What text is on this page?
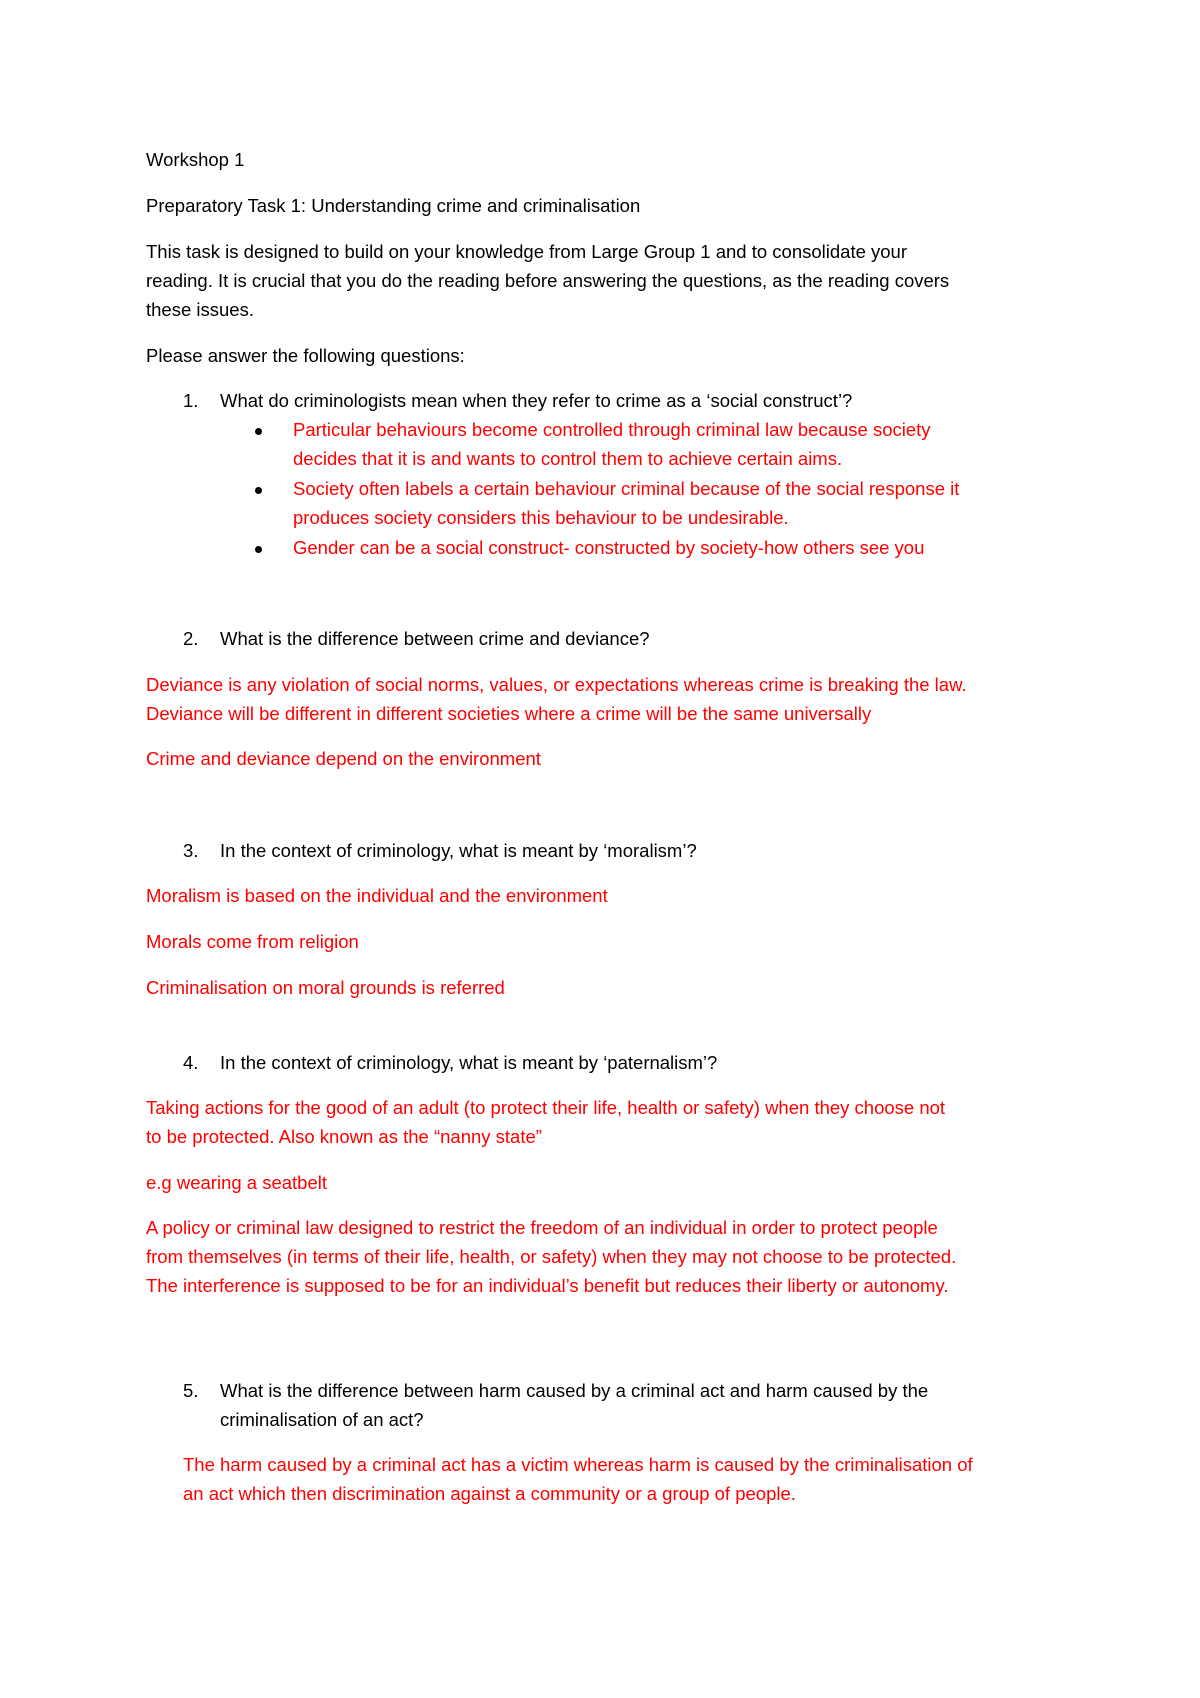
Workshop 1
Preparatory Task 1: Understanding crime and criminalisation
This task is designed to build on your knowledge from Large Group 1 and to consolidate your
reading. It is crucial that you do the reading before answering the questions, as the reading covers
these issues.
Please answer the following questions:
1. What do criminologists mean when they refer to crime as a ‘social construct’?
Particular behaviours become controlled through criminal law because society
decides that it is and wants to control them to achieve certain aims.
Society often labels a certain behaviour criminal because of the social response it
produces society considers this behaviour to be undesirable.
Gender can be a social construct- constructed by society-how others see you
2. What is the difference between crime and deviance?
Deviance is any violation of social norms, values, or expectations whereas crime is breaking the law.
Deviance will be different in different societies where a crime will be the same universally
Crime and deviance depend on the environment
3. In the context of criminology, what is meant by ‘moralism’?
Moralism is based on the individual and the environment
Morals come from religion
Criminalisation on moral grounds is referred
4. In the context of criminology, what is meant by ‘paternalism’?
Taking actions for the good of an adult (to protect their life, health or safety) when they choose not
to be protected. Also known as the “nanny state”
e.g wearing a seatbelt
A policy or criminal law designed to restrict the freedom of an individual in order to protect people
from themselves (in terms of their life, health, or safety) when they may not choose to be protected.
The interference is supposed to be for an individual’s benefit but reduces their liberty or autonomy.
5. What is the difference between harm caused by a criminal act and harm caused by the
criminalisation of an act?
The harm caused by a criminal act has a victim whereas harm is caused by the criminalisation of
an act which then discrimination against a community or a group of people.
